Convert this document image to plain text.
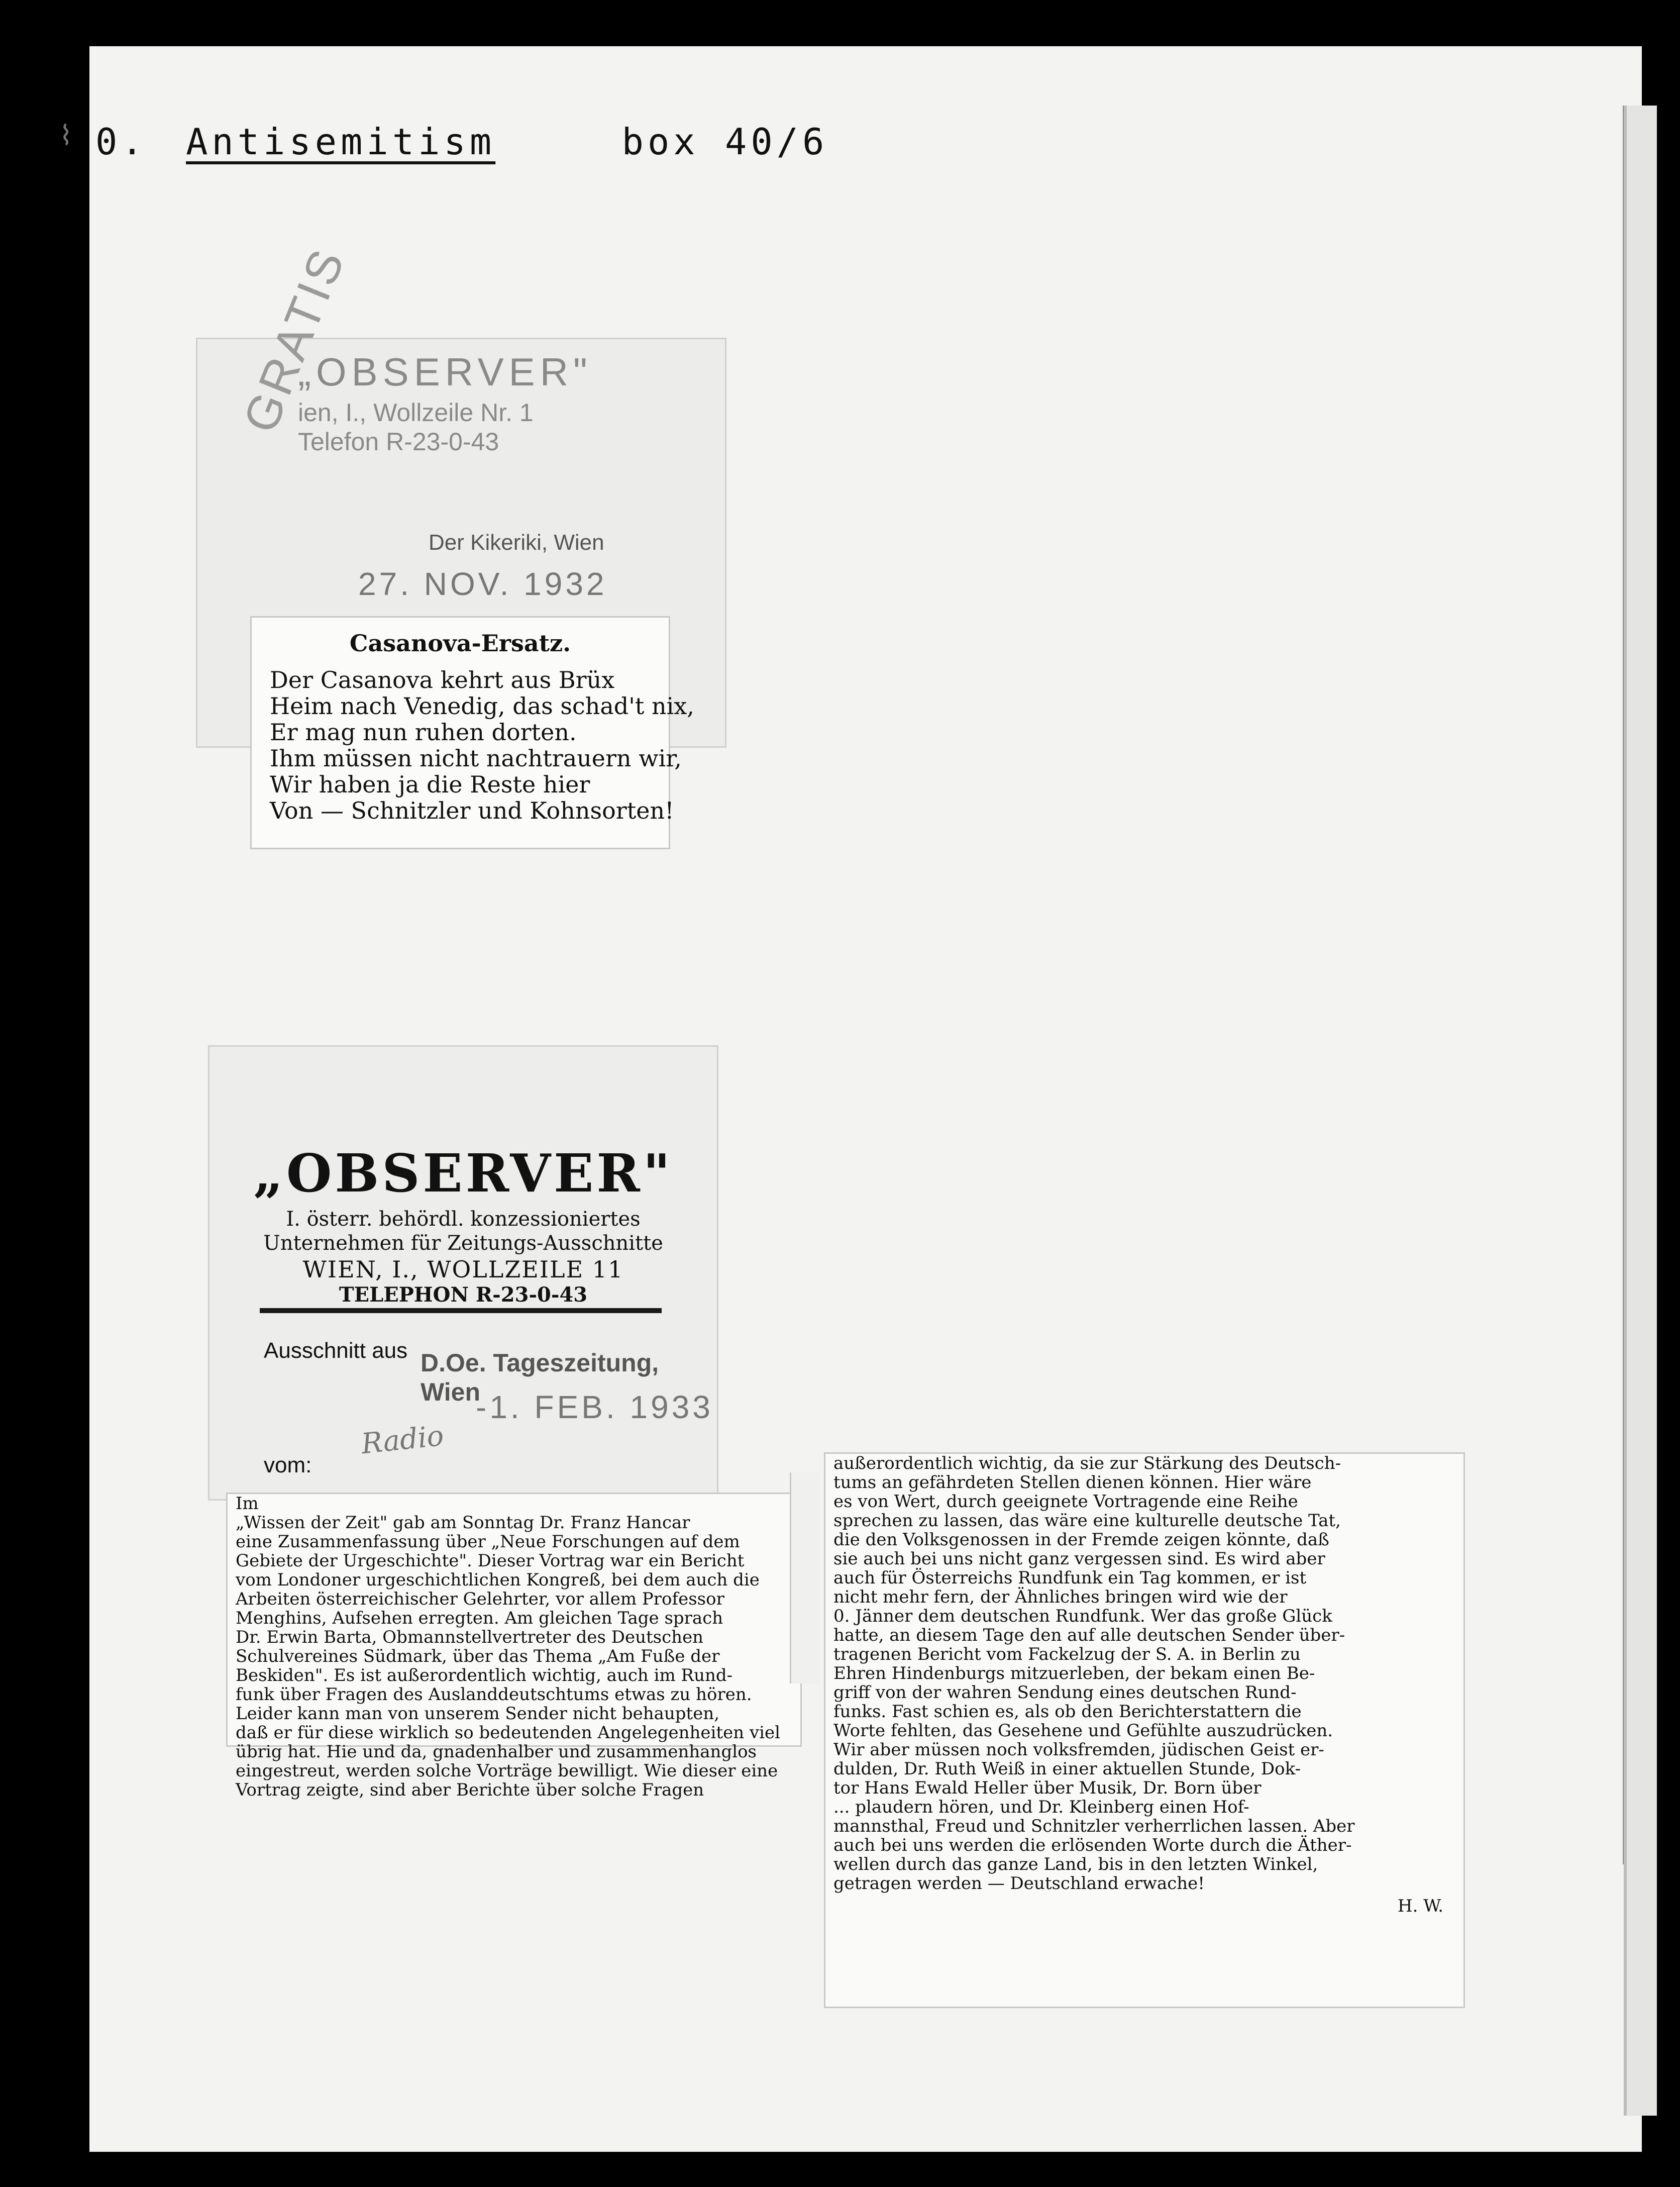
⌇ 0. Antisemitism	box 40/6
GRATIS
„OBSERVER"
ien, I., Wollzeile Nr. 1
Telefon R-23-0-43
Der Kikeriki, Wien
27. NOV. 1932
Casanova-Ersatz.
Der Casanova kehrt aus Brüx
Heim nach Venedig, das schad't nix,
Er mag nun ruhen dorten.
Ihm müssen nicht nachtrauern wir,
Wir haben ja die Reste hier
Von — Schnitzler und Kohnsorten!
„OBSERVER"
I. österr. behördl. konzessioniertes
Unternehmen für Zeitungs-Ausschnitte
WIEN, I., WOLLZEILE 11
TELEPHON R-23-0-43
Ausschnitt aus D.Oe. Tageszeitung, Wien
-1. FEB. 1933
Radio
vom:
Im
„Wissen der Zeit" gab am Sonntag Dr. Franz Hancar
eine Zusammenfassung über „Neue Forschungen auf dem
Gebiete der Urgeschichte". Dieser Vortrag war ein Bericht
vom Londoner urgeschichtlichen Kongreß, bei dem auch die
Arbeiten österreichischer Gelehrter, vor allem Professor
Menghins, Aufsehen erregten. Am gleichen Tage sprach
Dr. Erwin Barta, Obmannstellvertreter des Deutschen
Schulvereines Südmark, über das Thema „Am Fuße der
Beskiden". Es ist außerordentlich wichtig, auch im Rund-
funk über Fragen des Auslanddeutschtums etwas zu hören.
Leider kann man von unserem Sender nicht behaupten,
daß er für diese wirklich so bedeutenden Angelegenheiten viel
übrig hat. Hie und da, gnadenhalber und zusammenhanglos
eingestreut, werden solche Vorträge bewilligt. Wie dieser eine
Vortrag zeigte, sind aber Berichte über solche Fragen
außerordentlich wichtig, da sie zur Stärkung des Deutsch-
tums an gefährdeten Stellen dienen können. Hier wäre
es von Wert, durch geeignete Vortragende eine Reihe
sprechen zu lassen, das wäre eine kulturelle deutsche Tat,
die den Volksgenossen in der Fremde zeigen könnte, daß
sie auch bei uns nicht ganz vergessen sind. Es wird aber
auch für Österreichs Rundfunk ein Tag kommen, er ist
nicht mehr fern, der Ähnliches bringen wird wie der
0. Jänner dem deutschen Rundfunk. Wer das große Glück
hatte, an diesem Tage den auf alle deutschen Sender über-
tragenen Bericht vom Fackelzug der S. A. in Berlin zu
Ehren Hindenburgs mitzuerleben, der bekam einen Be-
griff von der wahren Sendung eines deutschen Rund-
funks. Fast schien es, als ob den Berichterstattern die
Worte fehlten, das Gesehene und Gefühlte auszudrücken.
Wir aber müssen noch volksfremden, jüdischen Geist er-
dulden, Dr. Ruth Weiß in einer aktuellen Stunde, Dok-
tor Hans Ewald Heller über Musik, Dr. Born über
... plaudern hören, und Dr. Kleinberg einen Hof-
mannsthal, Freud und Schnitzler verherrlichen lassen. Aber
auch bei uns werden die erlösenden Worte durch die Äther-
wellen durch das ganze Land, bis in den letzten Winkel,
getragen werden — Deutschland erwache!
H. W.
